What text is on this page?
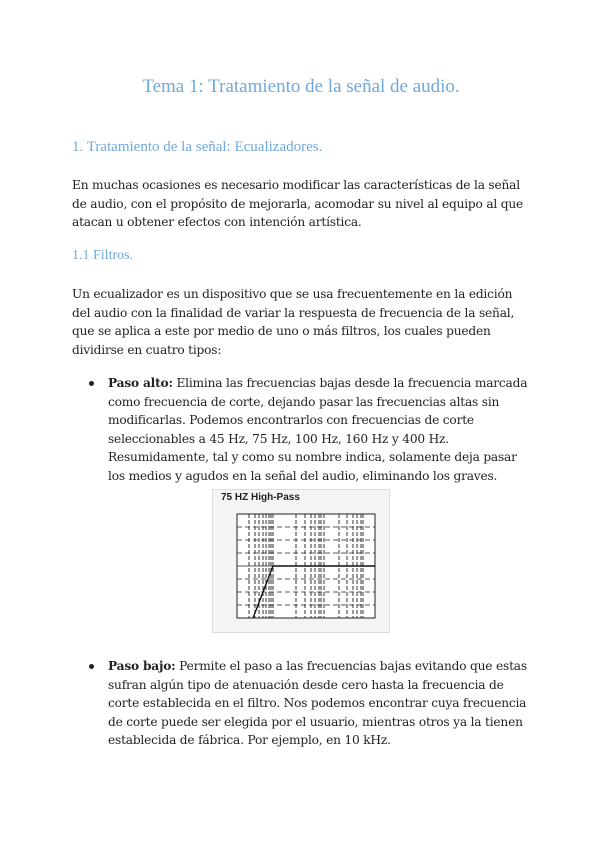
Tema 1: Tratamiento de la señal de audio.
1. Tratamiento de la señal: Ecualizadores.

En muchas ocasiones es necesario modificar las características de la señal de audio, con el propósito de mejorarla, acomodar su nivel al equipo al que atacan u obtener efectos con intención artística.

1.1 Filtros.

Un ecualizador es un dispositivo que se usa frecuentemente en la edición del audio con la finalidad de variar la respuesta de frecuencia de la señal, que se aplica a este por medio de uno o más filtros, los cuales pueden dividirse en cuatro tipos:

Paso alto: Elimina las frecuencias bajas desde la frecuencia marcada como frecuencia de corte, dejando pasar las frecuencias altas sin modificarlas. Podemos encontrarlos con frecuencias de corte seleccionables a 45 Hz, 75 Hz, 100 Hz, 160 Hz y 400 Hz. Resumidamente, tal y como su nombre indica, solamente deja pasar los medios y agudos en la señal del audio, eliminando los graves.
75 HZ High-Pass
Paso bajo: Permite el paso a las frecuencias bajas evitando que estas sufran algún tipo de atenuación desde cero hasta la frecuencia de corte establecida en el filtro. Nos podemos encontrar cuya frecuencia de corte puede ser elegida por el usuario, mientras otros ya la tienen establecida de fábrica. Por ejemplo, en 10 kHz.
